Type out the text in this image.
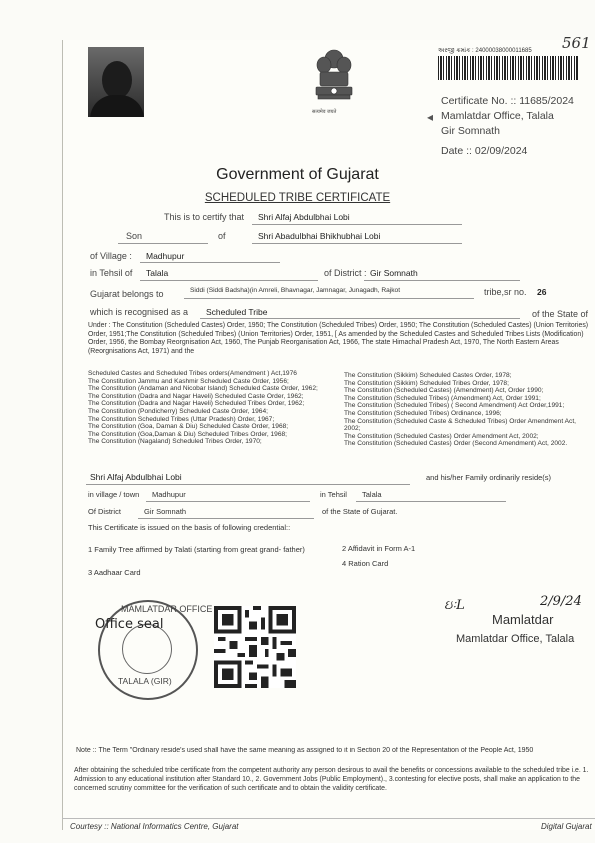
सत्यमेव जयते
અરજી ક્રમાંક : 24000038000011685 561
Certificate No. :: 11685/2024
Mamlatdar Office, Talala
Gir Somnath
Date :: 02/09/2024
◂
Government of Gujarat
SCHEDULED TRIBE CERTIFICATE
This is to certify that Shri Alfaj Abdulbhai Lobi
Son	of	Shri Abadulbhai Bhikhubhai Lobi
of Village : Madhupur
in Tehsil of Talala	of District : Gir Somnath
Gujarat belongs to	Siddi (Siddi Badsha)(in Amreli, Bhavnagar, Jamnagar, Junagadh, Rajkot	tribe,sr no. 26
which is recognised as a Scheduled Tribe	of the State of
Under : The Constitution (Scheduled Castes) Order, 1950; The Constitution (Scheduled Tribes) Order, 1950; The Constitution (Scheduled Castes) (Union Territories) Order, 1951;The Constitution (Scheduled Tribes) (Union Territories) Order, 1951, [ As amended by the Scheduled Castes and Scheduled Tribes Lists (Modification) Order, 1956, the Bombay Reorgnisation Act, 1960, The Punjab Reorganisation Act, 1966, The state Himachal Pradesh Act, 1970, The North Eastern Areas (Reorgnisations Act, 1971) and the
Scheduled Castes and Scheduled Tribes orders(Amendment ) Act,1976
The Constitution Jammu and Kashmir Scheduled Caste Order, 1956;
The Constitution (Andaman and Nicobar Island) Scheduled Caste Order, 1962;
The Constitution (Dadra and Nagar Haveli) Scheduled Caste Order, 1962;
The Constitution (Dadra and Nagar Haveli) Scheduled Tribes Order, 1962;
The Constitution (Pondicherry) Scheduled Caste Order, 1964;
The Constitution Scheduled Tribes (Uttar Pradesh) Order, 1967;
The Constitution (Goa, Daman & Diu) Scheduled Caste Order, 1968;
The Constitution (Goa,Daman & Diu) Scheduled Tribes Order, 1968;
The Constitution (Nagaland) Scheduled Tribes Order, 1970;
The Constitution (Sikkim) Scheduled Castes Order, 1978;
The Constitution (Sikkim) Scheduled Tribes Order, 1978;
The Constitution (Scheduled Castes) (Amendment) Act, Order 1990;
The Constitution (Scheduled Tribes) (Amendment) Act, Order 1991;
The Constitution (Scheduled Tribes) ( Second Amendment) Act Order,1991;
The Constitution (Scheduled Tribes) Ordinance, 1996;
The Constitution (Scheduled Caste & Scheduled Tribes) Order Amendment Act, 2002;
The Constitution (Scheduled Castes) Order Amendment Act, 2002;
The Constitution (Scheduled Castes) Order (Second Amendment) Act, 2002.
Shri Alfaj Abdulbhai Lobi	and his/her Family ordinarily reside(s)
in village / town Madhupur	in Tehsil Talala
Of District	Gir Somnath	of the State of Gujarat.
This Certificate is issued on the basis of following credential::
1 Family Tree affirmed by Talati (starting from great grand- father)	2 Affidavit in Form A-1
3 Aadhaar Card
4 Ration Card
MAMLATDAR OFFICE
TALALA (GIR)
Office seal
ઇઃL	2/9/24
Mamlatdar
Mamlatdar Office, Talala
Note :: The Term "Ordinary reside's used shall have the same meaning as assigned to it in Section 20 of the Representation of the People Act, 1950
After obtaining the scheduled tribe certificate from the competent authority any person desirous to avail the benefits or concessions available to the scheduled tribe i.e. 1. Admission to any educational institution after Standard 10., 2. Government Jobs (Public Employment)., 3.contesting for elective posts, shall make an application to the concerned scrutiny committee for the verification of such certificate and to obtain the validity certificate.
Courtesy :: National Informatics Centre, Gujarat	Digital Gujarat
